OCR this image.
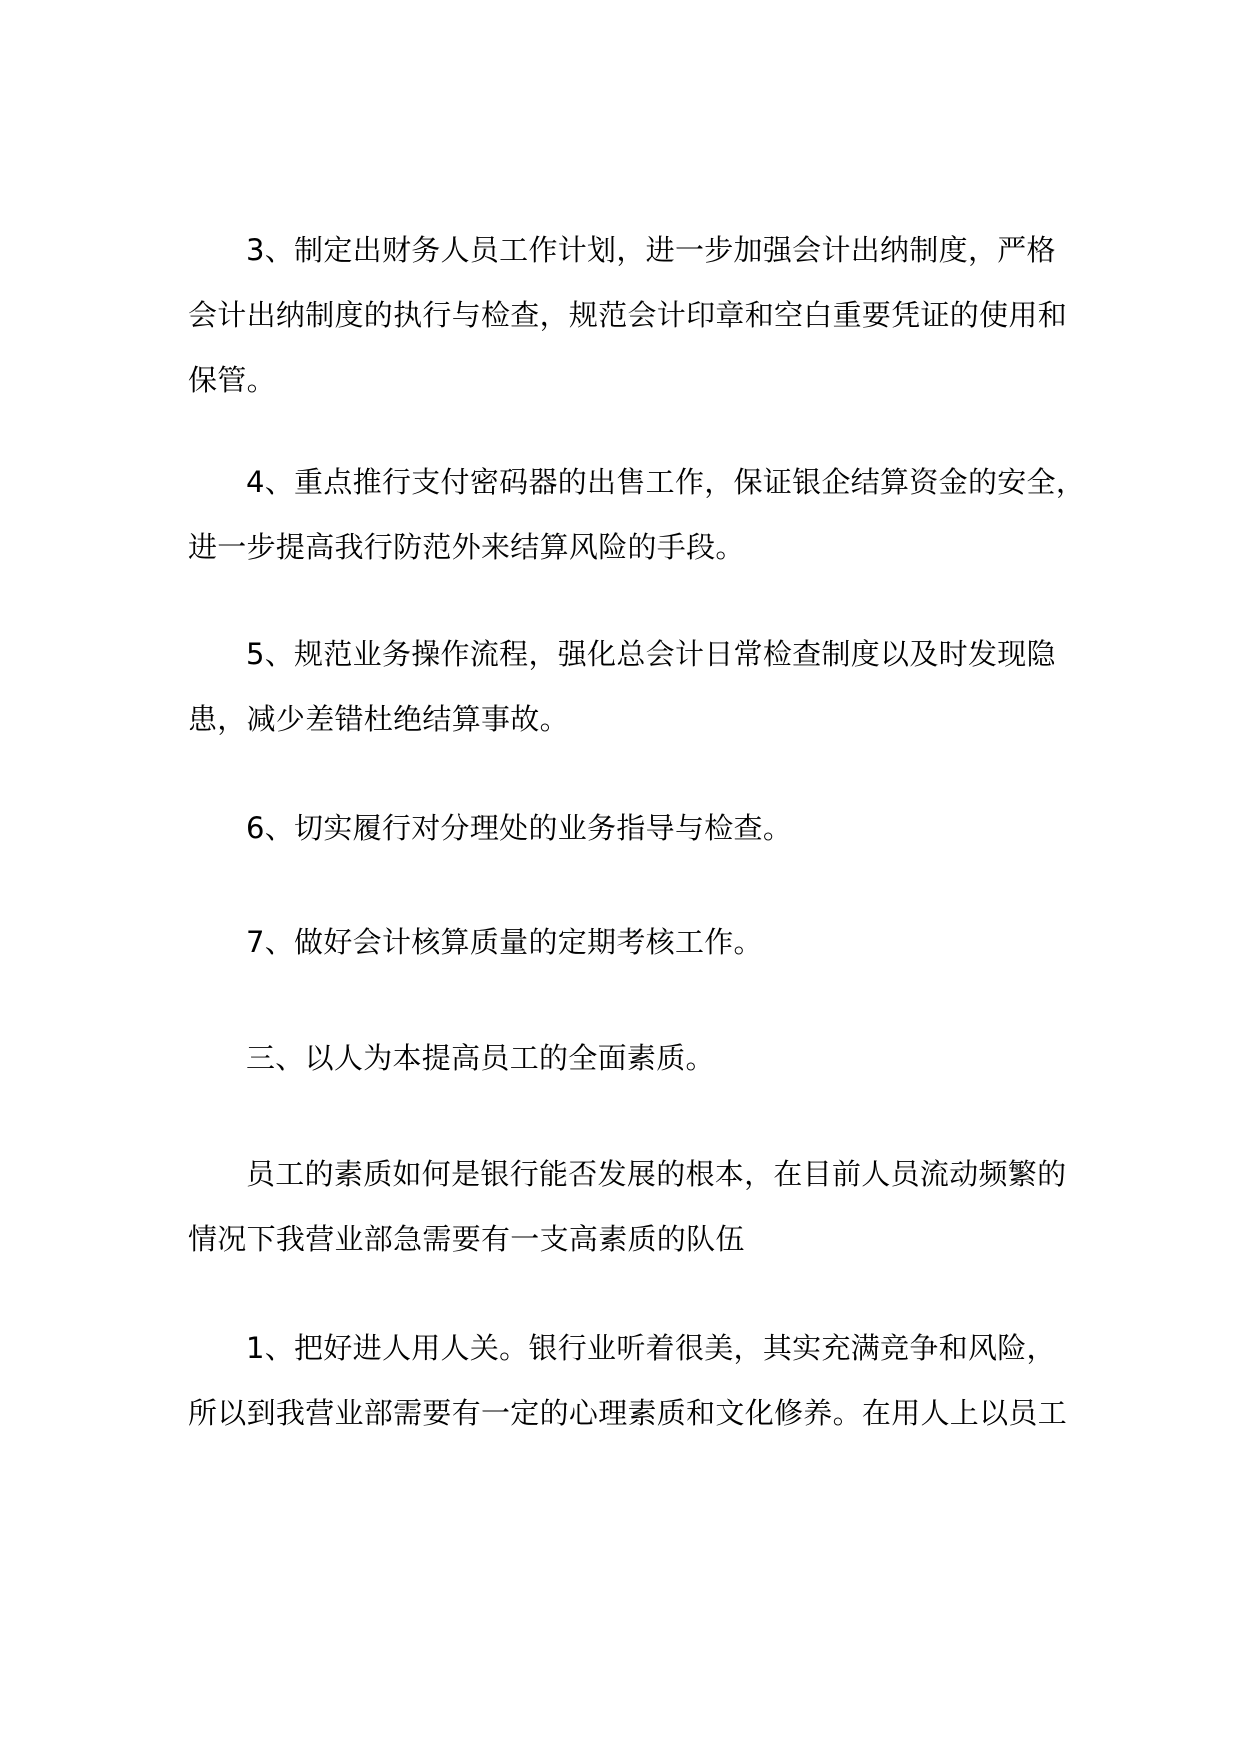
3、制定出财务人员工作计划，进一步加强会计出纳制度，严格
会计出纳制度的执行与检查，规范会计印章和空白重要凭证的使用和
保管。

4、重点推行支付密码器的出售工作，保证银企结算资金的安全，
进一步提高我行防范外来结算风险的手段。

5、规范业务操作流程，强化总会计日常检查制度以及时发现隐
患，减少差错杜绝结算事故。

6、切实履行对分理处的业务指导与检查。

7、做好会计核算质量的定期考核工作。

三、以人为本提高员工的全面素质。

员工的素质如何是银行能否发展的根本，在目前人员流动频繁的
情况下我营业部急需要有一支高素质的队伍

1、把好进人用人关。银行业听着很美，其实充满竞争和风险，
所以到我营业部需要有一定的心理素质和文化修养。在用人上以员工
